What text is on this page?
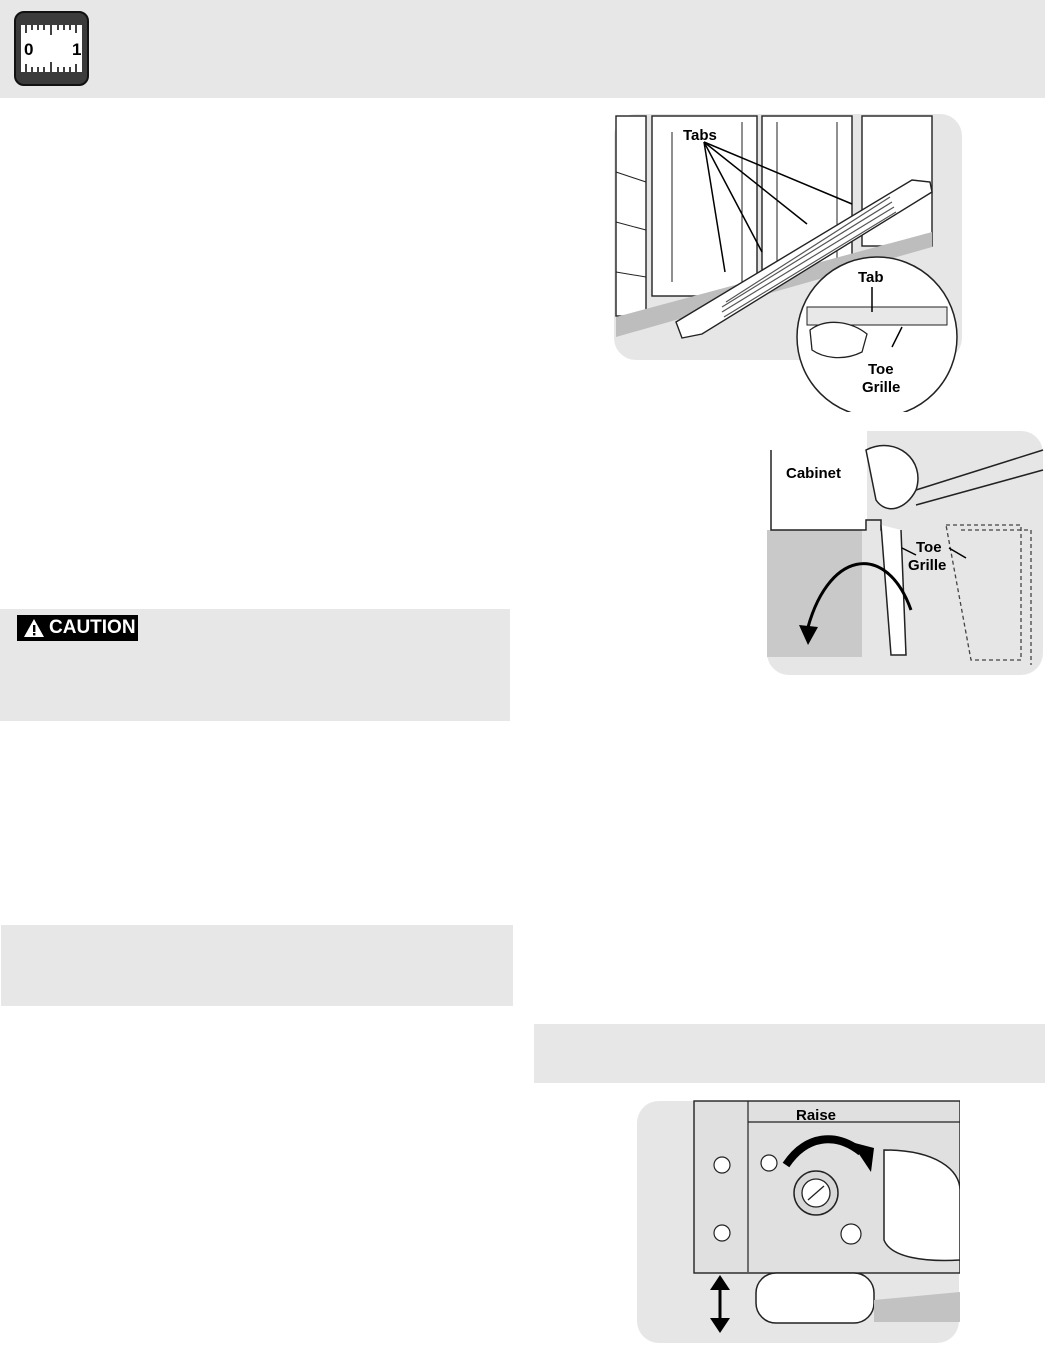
0 1
CAUTION
Tabs
Tab
Toe
Grille
Cabinet
Toe
Grille
Raise
